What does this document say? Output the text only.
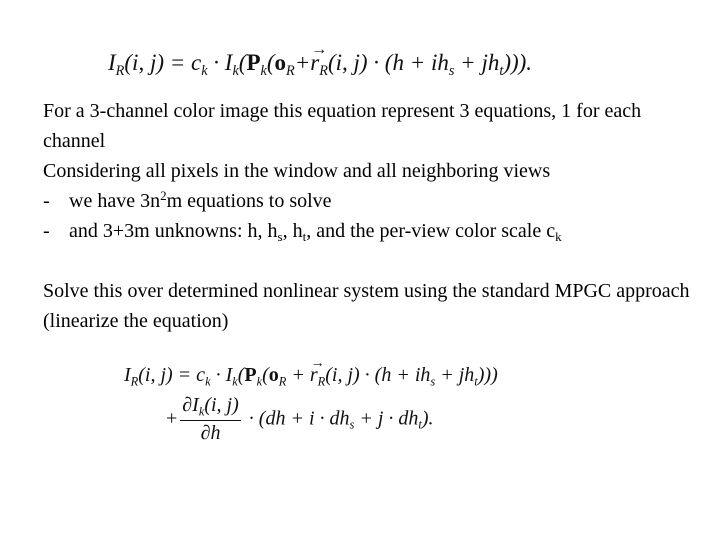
$I_R(i$, $j) = c_k \cdot I_k(P_k(o_R+\to r_R(i$, $j) \cdot (h + ih_s + jh_t)$)).

For a 3-channel color image this equation represent 3 equations, 1 for each channel

Considering all pixels in the window and all neighboring views

- we have $3n^2m$ equations to solve

- and 3+3m unknowns: h, $h_s$, $h_t$, and the per-view color scale $c_k$

Solve this over determined nonlinear system using the standard MPGC approach (linearize the equation)

$I_R(i$, $j) = c_k \cdot I_k(P_k(o_R$ + → $r_R(i$, $j) \cdot (h + ih_s + jh_t)$))
+ $\frac{\partial I_k(i, j)}{\partial h} \cdot (dh + i \cdot dh_s + j \cdot dh_t)$.
